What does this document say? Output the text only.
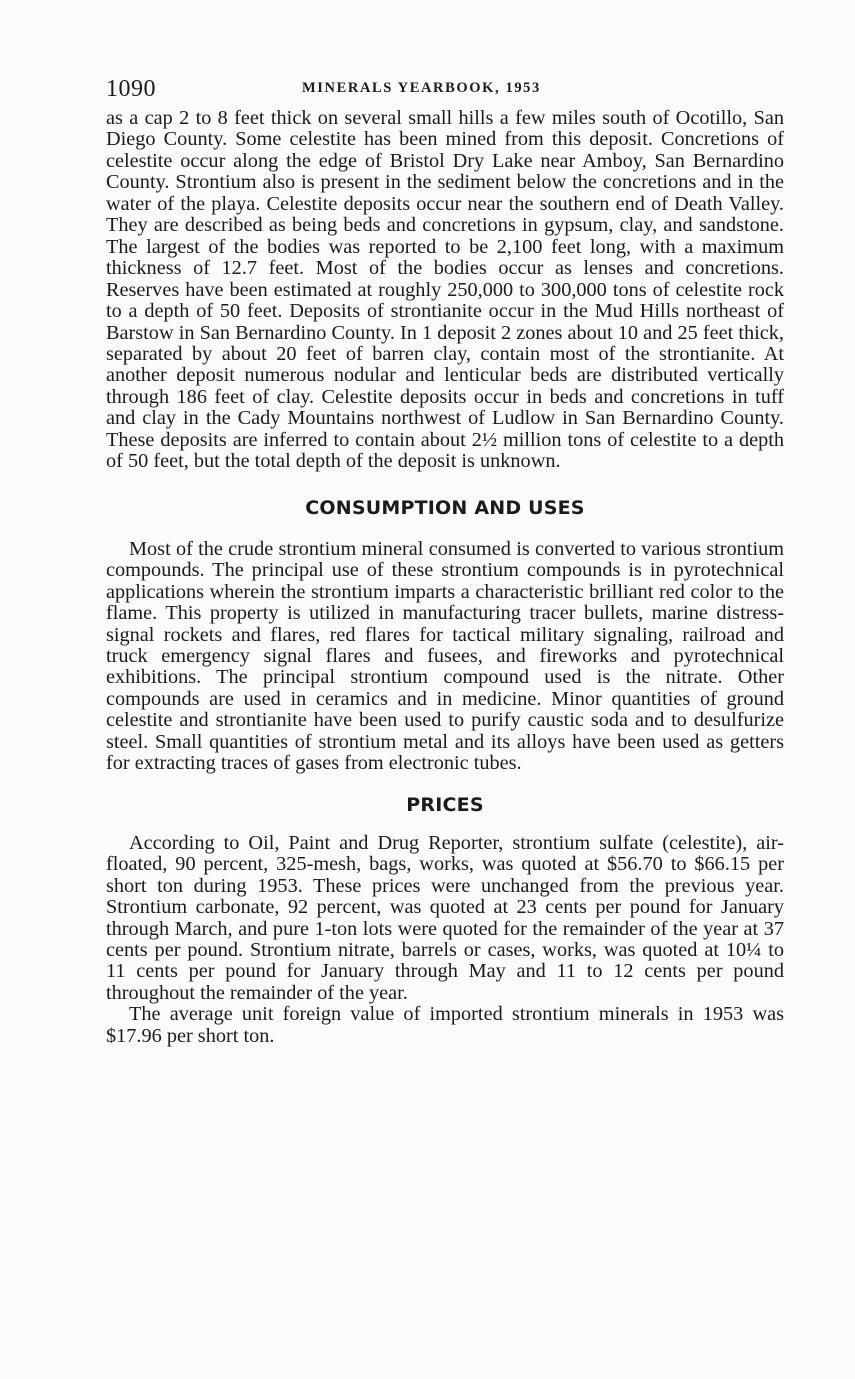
1090	MINERALS YEARBOOK, 1953

as a cap 2 to 8 feet thick on several small hills a few miles south of Ocotillo, San Diego County. Some celestite has been mined from this deposit. Concretions of celestite occur along the edge of Bristol Dry Lake near Amboy, San Bernardino County. Strontium also is present in the sediment below the concretions and in the water of the playa. Celestite deposits occur near the southern end of Death Valley. They are described as being beds and concretions in gypsum, clay, and sandstone. The largest of the bodies was reported to be 2,100 feet long, with a maximum thickness of 12.7 feet. Most of the bodies occur as lenses and concretions. Reserves have been estimated at roughly 250,000 to 300,000 tons of celestite rock to a depth of 50 feet. Deposits of strontianite occur in the Mud Hills northeast of Barstow in San Bernardino County. In 1 deposit 2 zones about 10 and 25 feet thick, separated by about 20 feet of barren clay, contain most of the strontianite. At another deposit numerous nodular and lenticular beds are distributed vertically through 186 feet of clay. Celestite deposits occur in beds and concretions in tuff and clay in the Cady Mountains northwest of Ludlow in San Bernardino County. These deposits are inferred to contain about 2½ million tons of celestite to a depth of 50 feet, but the total depth of the deposit is unknown.

CONSUMPTION AND USES

Most of the crude strontium mineral consumed is converted to various strontium compounds. The principal use of these strontium compounds is in pyrotechnical applications wherein the strontium imparts a characteristic brilliant red color to the flame. This property is utilized in manufacturing tracer bullets, marine distress-signal rockets and flares, red flares for tactical military signaling, railroad and truck emergency signal flares and fusees, and fireworks and pyrotechnical exhibitions. The principal strontium compound used is the nitrate. Other compounds are used in ceramics and in medicine. Minor quantities of ground celestite and strontianite have been used to purify caustic soda and to desulfurize steel. Small quantities of strontium metal and its alloys have been used as getters for extracting traces of gases from electronic tubes.

PRICES

According to Oil, Paint and Drug Reporter, strontium sulfate (celestite), air-floated, 90 percent, 325-mesh, bags, works, was quoted at $56.70 to $66.15 per short ton during 1953. These prices were unchanged from the previous year. Strontium carbonate, 92 percent, was quoted at 23 cents per pound for January through March, and pure 1-ton lots were quoted for the remainder of the year at 37 cents per pound. Strontium nitrate, barrels or cases, works, was quoted at 10¼ to 11 cents per pound for January through May and 11 to 12 cents per pound throughout the remainder of the year.

The average unit foreign value of imported strontium minerals in 1953 was $17.96 per short ton.
